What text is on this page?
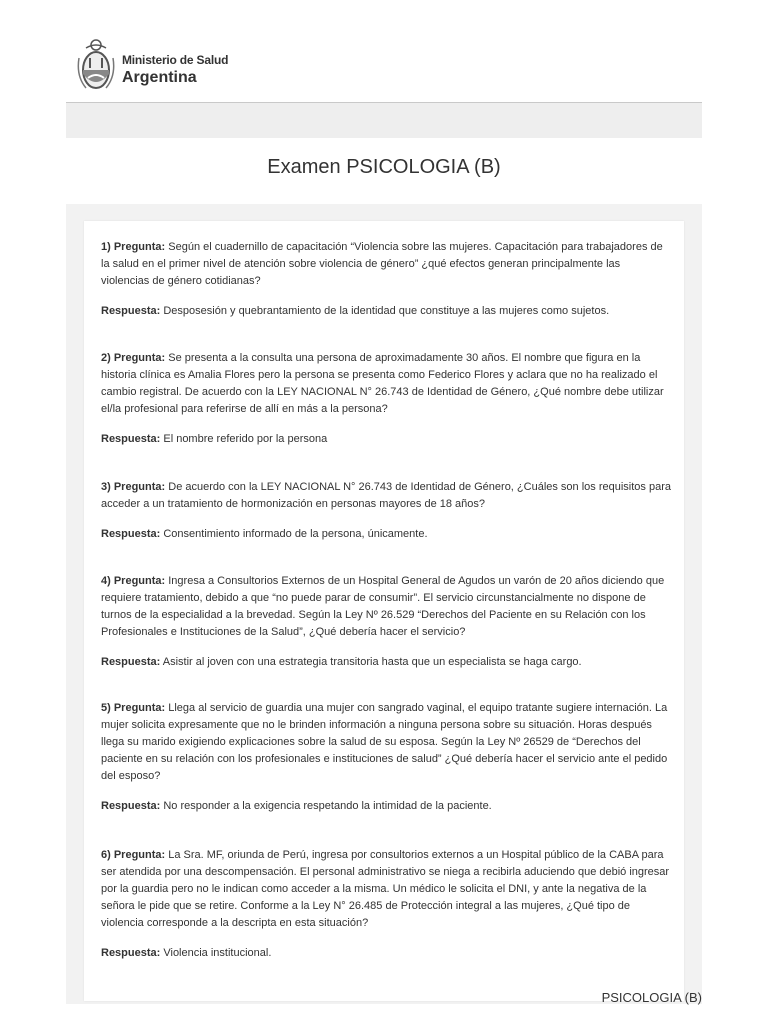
Ministerio de Salud
Argentina
Examen PSICOLOGIA (B)

1) Pregunta: Según el cuadernillo de capacitación “Violencia sobre las mujeres. Capacitación para trabajadores de la salud en el primer nivel de atención sobre violencia de género” ¿qué efectos generan principalmente las violencias de género cotidianas?

Respuesta: Desposesión y quebrantamiento de la identidad que constituye a las mujeres como sujetos.

2) Pregunta: Se presenta a la consulta una persona de aproximadamente 30 años. El nombre que figura en la historia clínica es Amalia Flores pero la persona se presenta como Federico Flores y aclara que no ha realizado el cambio registral. De acuerdo con la LEY NACIONAL N° 26.743 de Identidad de Género, ¿Qué nombre debe utilizar el/la profesional para referirse de allí en más a la persona?

Respuesta: El nombre referido por la persona

3) Pregunta: De acuerdo con la LEY NACIONAL N° 26.743 de Identidad de Género, ¿Cuáles son los requisitos para acceder a un tratamiento de hormonización en personas mayores de 18 años?

Respuesta: Consentimiento informado de la persona, únicamente.

4) Pregunta: Ingresa a Consultorios Externos de un Hospital General de Agudos un varón de 20 años diciendo que requiere tratamiento, debido a que “no puede parar de consumir”. El servicio circunstancialmente no dispone de turnos de la especialidad a la brevedad. Según la Ley Nº 26.529 “Derechos del Paciente en su Relación con los Profesionales e Instituciones de la Salud”, ¿Qué debería hacer el servicio?

Respuesta: Asistir al joven con una estrategia transitoria hasta que un especialista se haga cargo.

5) Pregunta: Llega al servicio de guardia una mujer con sangrado vaginal, el equipo tratante sugiere internación. La mujer solicita expresamente que no le brinden información a ninguna persona sobre su situación. Horas después llega su marido exigiendo explicaciones sobre la salud de su esposa. Según la Ley Nº 26529 de “Derechos del paciente en su relación con los profesionales e instituciones de salud” ¿Qué debería hacer el servicio ante el pedido del esposo?

Respuesta: No responder a la exigencia respetando la intimidad de la paciente.

6) Pregunta: La Sra. MF, oriunda de Perú, ingresa por consultorios externos a un Hospital público de la CABA para ser atendida por una descompensación. El personal administrativo se niega a recibirla aduciendo que debió ingresar por la guardia pero no le indican como acceder a la misma. Un médico le solicita el DNI, y ante la negativa de la señora le pide que se retire. Conforme a la Ley N° 26.485 de Protección integral a las mujeres, ¿Qué tipo de violencia corresponde a la descripta en esta situación?

Respuesta: Violencia institucional.

PSICOLOGIA (B)
